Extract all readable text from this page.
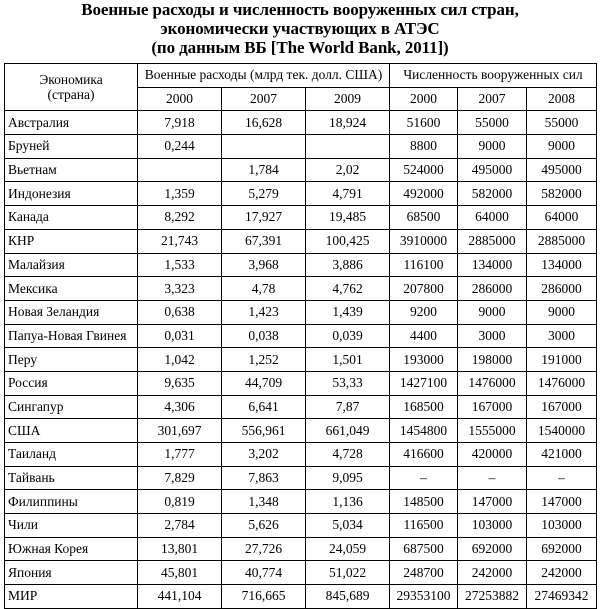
Военные расходы и численность вооруженных сил стран,
экономически участвующих в АТЭС
(по данным ВБ [The World Bank, 2011])
Экономика
(страна)	Военные расходы (млрд тек. долл. США)			Численность вооруженных сил		
	2000	2007	2009	2000	2007	2008
Австралия	7,918	16,628	18,924	51600	55000	55000
Бруней	0,244			8800	9000	9000
Вьетнам		1,784	2,02	524000	495000	495000
Индонезия	1,359	5,279	4,791	492000	582000	582000
Канада	8,292	17,927	19,485	68500	64000	64000
КНР	21,743	67,391	100,425	3910000	2885000	2885000
Малайзия	1,533	3,968	3,886	116100	134000	134000
Мексика	3,323	4,78	4,762	207800	286000	286000
Новая Зеландия	0,638	1,423	1,439	9200	9000	9000
Папуа-Новая Гвинея	0,031	0,038	0,039	4400	3000	3000
Перу	1,042	1,252	1,501	193000	198000	191000
Россия	9,635	44,709	53,33	1427100	1476000	1476000
Сингапур	4,306	6,641	7,87	168500	167000	167000
США	301,697	556,961	661,049	1454800	1555000	1540000
Таиланд	1,777	3,202	4,728	416600	420000	421000
Тайвань	7,829	7,863	9,095	–	–	–
Филиппины	0,819	1,348	1,136	148500	147000	147000
Чили	2,784	5,626	5,034	116500	103000	103000
Южная Корея	13,801	27,726	24,059	687500	692000	692000
Япония	45,801	40,774	51,022	248700	242000	242000
МИР	441,104	716,665	845,689	29353100	27253882	27469342
